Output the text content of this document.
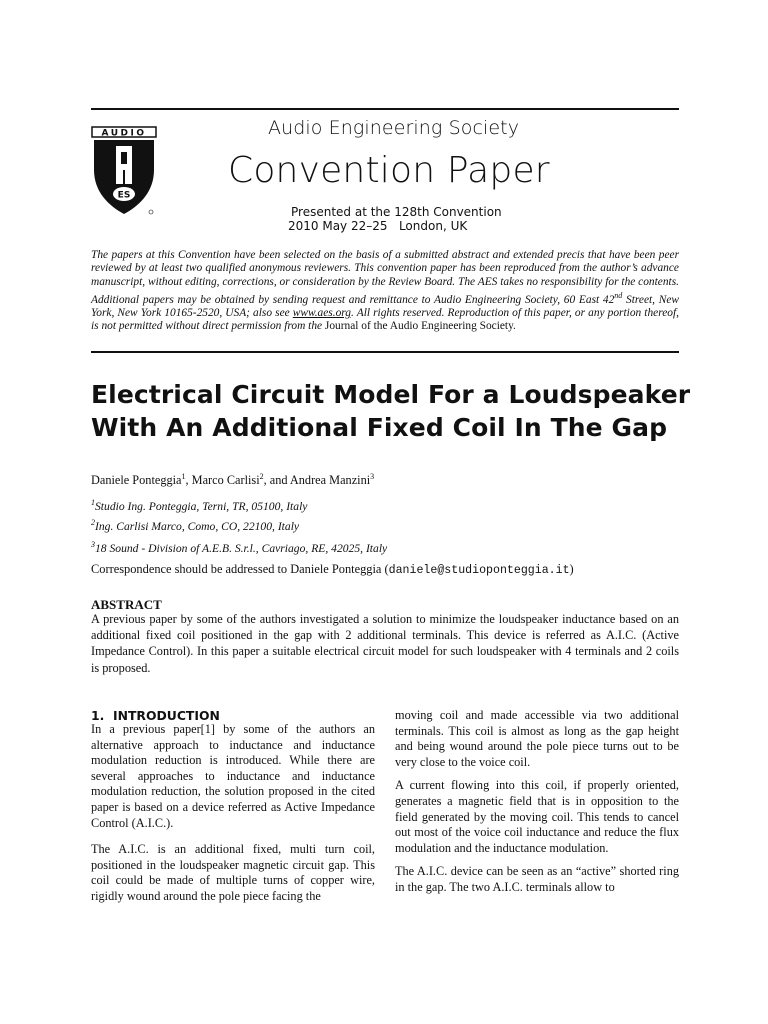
AUDIO
ES
Audio Engineering Society
Convention Paper
Presented at the 128th Convention
2010 May 22–25   London, UK
The papers at this Convention have been selected on the basis of a submitted abstract and extended precis that have been peer reviewed by at least two qualified anonymous reviewers. This convention paper has been reproduced from the author’s advance manuscript, without editing, corrections, or consideration by the Review Board. The AES takes no responsibility for the contents. Additional papers may be obtained by sending request and remittance to Audio Engineering Society, 60 East 42nd Street, New York, New York 10165-2520, USA; also see www.aes.org. All rights reserved. Reproduction of this paper, or any portion thereof, is not permitted without direct permission from the Journal of the Audio Engineering Society.
Electrical Circuit Model For a Loudspeaker
With An Additional Fixed Coil In The Gap
Daniele Ponteggia$^1$, Marco Carlisi$^2$, and Andrea Manzini$^3$
$^1$Studio Ing. Ponteggia, Terni, TR, 05100, Italy
$^2$Ing. Carlisi Marco, Como, CO, 22100, Italy
$^3$18 Sound - Division of A.E.B. S.r.l., Cavriago, RE, 42025, Italy
Correspondence should be addressed to Daniele Ponteggia (daniele@studioponteggia.it)
ABSTRACT
A previous paper by some of the authors investigated a solution to minimize the loudspeaker inductance based on an additional fixed coil positioned in the gap with 2 additional terminals. This device is referred as A.I.C. (Active Impedance Control). In this paper a suitable electrical circuit model for such loudspeaker with 4 terminals and 2 coils is proposed.
1. INTRODUCTION

In a previous paper[1] by some of the authors an alternative approach to inductance and inductance modulation reduction is introduced. While there are several approaches to inductance and inductance modulation reduction, the solution proposed in the cited paper is based on a device referred as Active Impedance Control (A.I.C.).

The A.I.C. is an additional fixed, multi turn coil, positioned in the loudspeaker magnetic circuit gap. This coil could be made of multiple turns of copper wire, rigidly wound around the pole piece facing the

moving coil and made accessible via two additional terminals. This coil is almost as long as the gap height and being wound around the pole piece turns out to be very close to the voice coil.

A current flowing into this coil, if properly oriented, generates a magnetic field that is in opposition to the field generated by the moving coil. This tends to cancel out most of the voice coil inductance and reduce the flux modulation and the inductance modulation.

The A.I.C. device can be seen as an “active” shorted ring in the gap. The two A.I.C. terminals allow to
